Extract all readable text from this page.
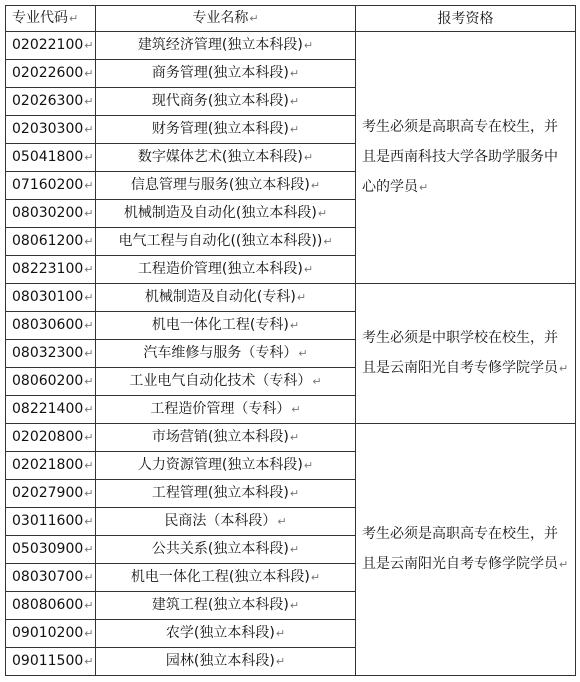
专业代码↵	专业名称↵	报考资格
02022100↵	建筑经济管理(独立本科段)↵	考生必须是高职高专在校生，并且是西南科技大学各助学服务中心的学员↵
02022600↵	商务管理(独立本科段)↵	
02026300↵	现代商务(独立本科段)↵	
02030300↵	财务管理(独立本科段)↵	
05041800↵	数字媒体艺术(独立本科段)↵	
07160200↵	信息管理与服务(独立本科段)↵	
08030200↵	机械制造及自动化(独立本科段)↵	
08061200↵	电气工程与自动化((独立本科段))↵	
08223100↵	工程造价管理(独立本科段)↵	
08030100↵	机械制造及自动化(专科)↵	考生必须是中职学校在校生，并且是云南阳光自考专修学院学员↵
08030600↵	机电一体化工程(专科)↵	
08032300↵	汽车维修与服务（专科）↵	
08060200↵	工业电气自动化技术（专科）↵	
08221400↵	工程造价管理（专科）↵	
02020800↵	市场营销(独立本科段)↵	考生必须是高职高专在校生，并且是云南阳光自考专修学院学员↵
02021800↵	人力资源管理(独立本科段)↵	
02027900↵	工程管理(独立本科段)↵	
03011600↵	民商法（本科段）↵	
05030900↵	公共关系(独立本科段)↵	
08030700↵	机电一体化工程(独立本科段)↵	
08080600↵	建筑工程(独立本科段)↵	
09010200↵	农学(独立本科段)↵	
09011500↵	园林(独立本科段)↵	
